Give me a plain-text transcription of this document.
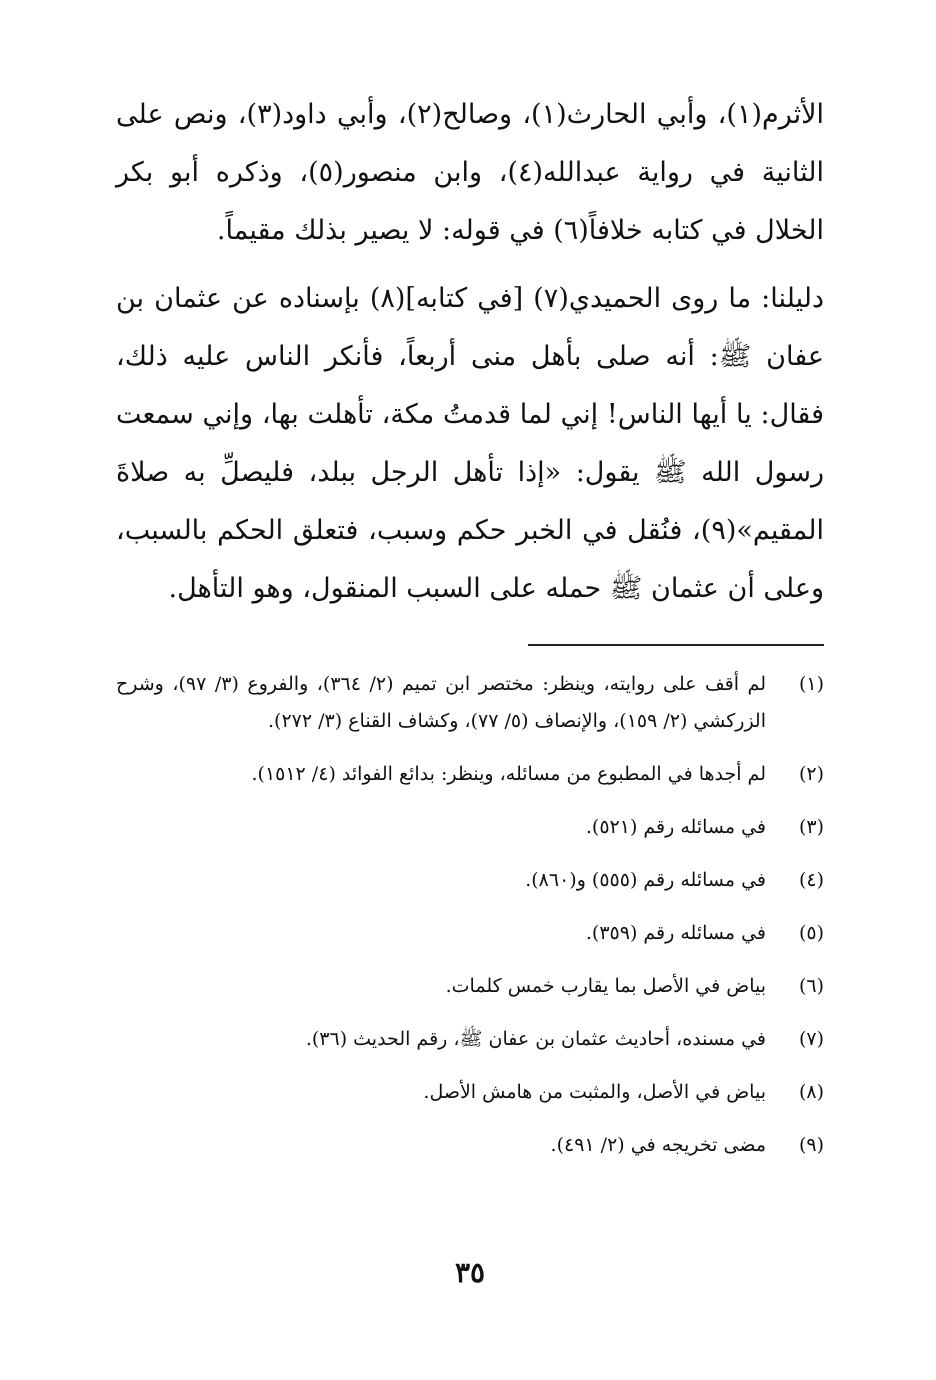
الأثرم(١)، وأبي الحارث(١)، وصالح(٢)، وأبي داود(٣)، ونص على الثانية في رواية عبدالله(٤)، وابن منصور(٥)، وذكره أبو بكر الخلال في كتابه خلافاً(٦) في قوله: لا يصير بذلك مقيماً.

دليلنا: ما روى الحميدي(٧) [في كتابه](٨) بإسناده عن عثمان بن عفان ﷺ: أنه صلى بأهل منى أربعاً، فأنكر الناس عليه ذلك، فقال: يا أيها الناس! إني لما قدمتُ مكة، تأهلت بها، وإني سمعت رسول الله ﷺ يقول: «إذا تأهل الرجل ببلد، فليصلِّ به صلاةَ المقيم»(٩)، فنُقل في الخبر حكم وسبب، فتعلق الحكم بالسبب، وعلى أن عثمان ﷺ حمله على السبب المنقول، وهو التأهل.

(١)
لم أقف على روايته، وينظر: مختصر ابن تميم (٢/ ٣٦٤)، والفروع (٣/ ٩٧)، وشرح الزركشي (٢/ ١٥٩)، والإنصاف (٥/ ٧٧)، وكشاف القناع (٣/ ٢٧٢).
(٢)
لم أجدها في المطبوع من مسائله، وينظر: بدائع الفوائد (٤/ ١٥١٢).
(٣)
في مسائله رقم (٥٢١).
(٤)
في مسائله رقم (٥٥٥) و(٨٦٠).
(٥)
في مسائله رقم (٣٥٩).
(٦)
بياض في الأصل بما يقارب خمس كلمات.
(٧)
في مسنده، أحاديث عثمان بن عفان ﷺ، رقم الحديث (٣٦).
(٨)
بياض في الأصل، والمثبت من هامش الأصل.
(٩)
مضى تخريجه في (٢/ ٤٩١).
٣٥
